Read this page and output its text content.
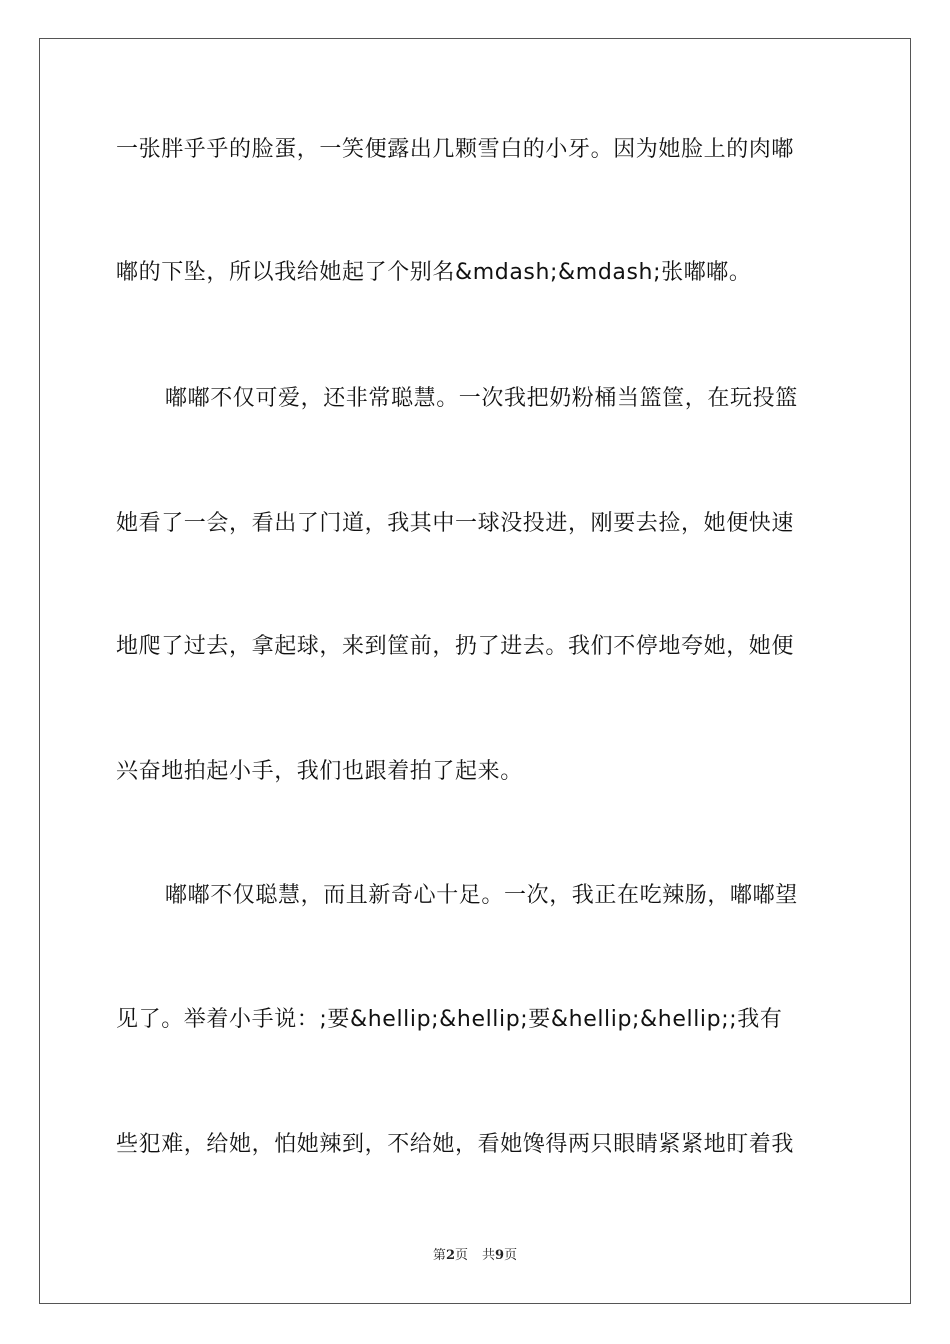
一张胖乎乎的脸蛋，一笑便露出几颗雪白的小牙。因为她脸上的肉嘟
嘟的下坠，所以我给她起了个别名&mdash;&mdash;张嘟嘟。
嘟嘟不仅可爱，还非常聪慧。一次我把奶粉桶当篮筐，在玩投篮
她看了一会，看出了门道，我其中一球没投进，刚要去捡，她便快速
地爬了过去，拿起球，来到筐前，扔了进去。我们不停地夸她，她便
兴奋地拍起小手，我们也跟着拍了起来。
嘟嘟不仅聪慧，而且新奇心十足。一次，我正在吃辣肠，嘟嘟望
见了。举着小手说：;要&hellip;&hellip;要&hellip;&hellip;;我有
些犯难，给她，怕她辣到，不给她，看她馋得两只眼睛紧紧地盯着我
第2页 共9页
